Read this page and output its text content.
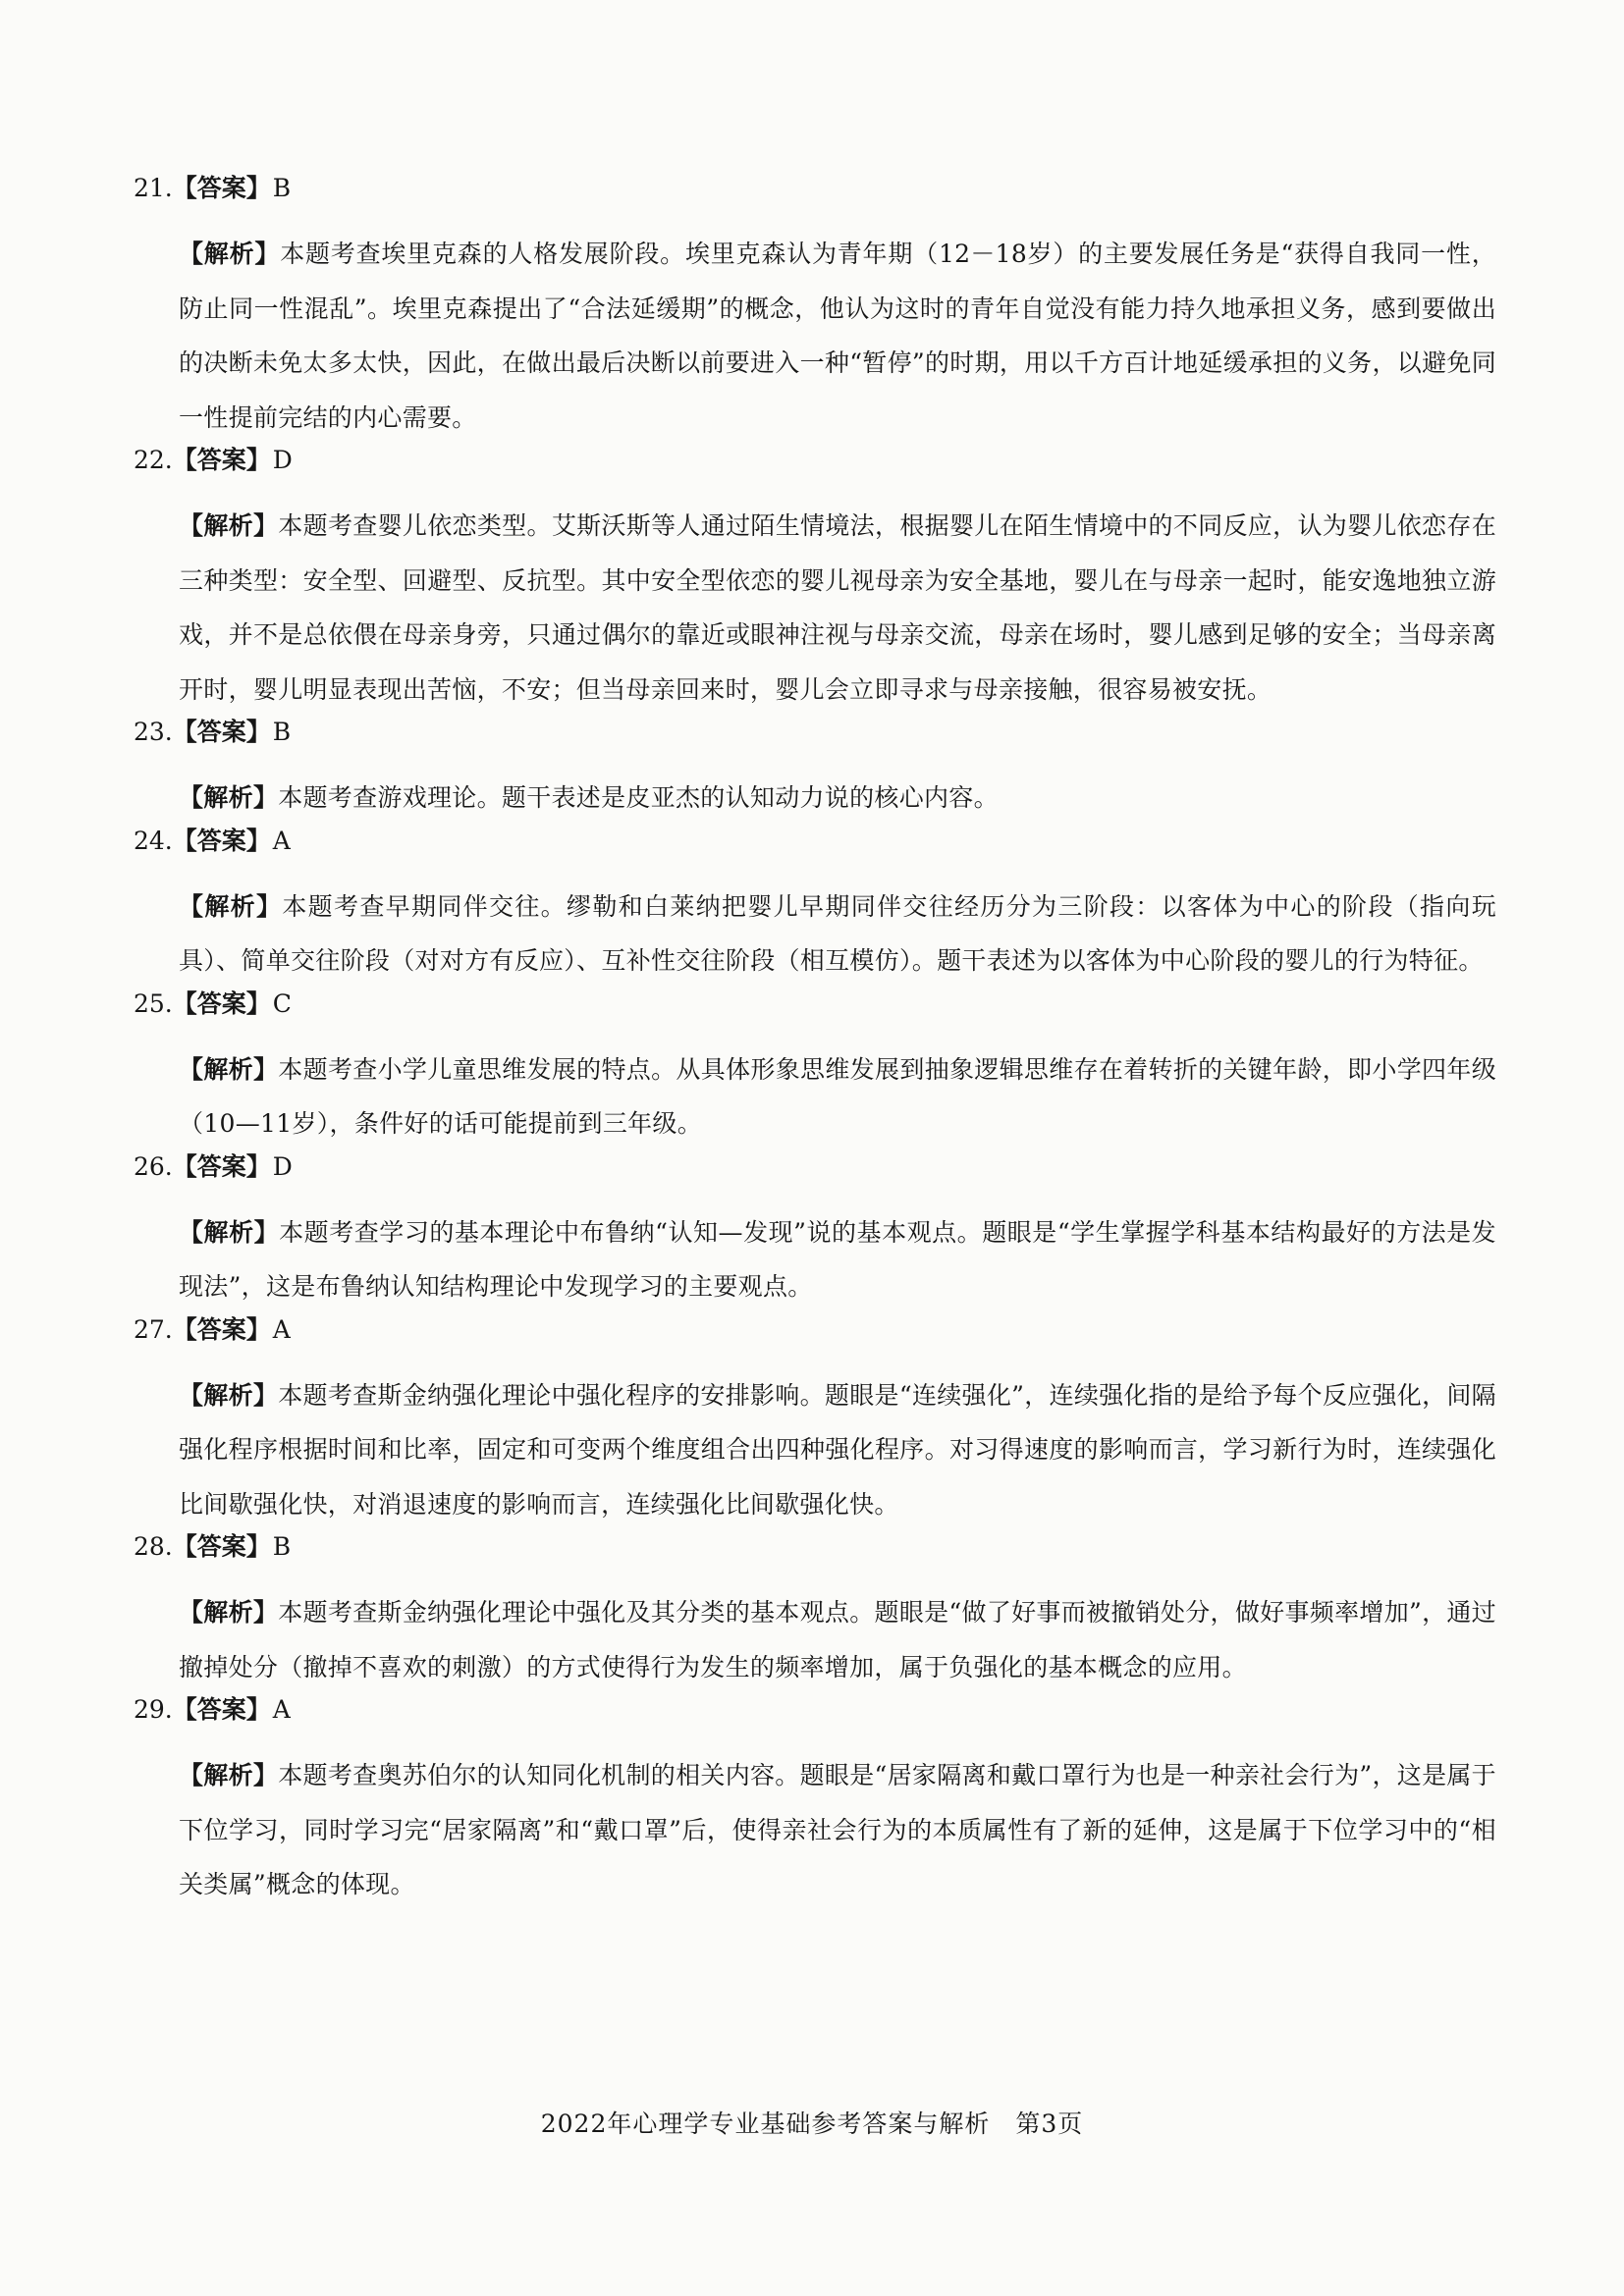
21.【答案】B
【解析】本题考查埃里克森的人格发展阶段。埃里克森认为青年期（12－18岁）的主要发展任务是“获得自我同一性，防止同一性混乱”。埃里克森提出了“合法延缓期”的概念，他认为这时的青年自觉没有能力持久地承担义务，感到要做出的决断未免太多太快，因此，在做出最后决断以前要进入一种“暂停”的时期，用以千方百计地延缓承担的义务，以避免同一性提前完结的内心需要。
22.【答案】D
【解析】本题考查婴儿依恋类型。艾斯沃斯等人通过陌生情境法，根据婴儿在陌生情境中的不同反应，认为婴儿依恋存在三种类型：安全型、回避型、反抗型。其中安全型依恋的婴儿视母亲为安全基地，婴儿在与母亲一起时，能安逸地独立游戏，并不是总依偎在母亲身旁，只通过偶尔的靠近或眼神注视与母亲交流，母亲在场时，婴儿感到足够的安全；当母亲离开时，婴儿明显表现出苦恼，不安；但当母亲回来时，婴儿会立即寻求与母亲接触，很容易被安抚。
23.【答案】B
【解析】本题考查游戏理论。题干表述是皮亚杰的认知动力说的核心内容。
24.【答案】A
【解析】本题考查早期同伴交往。缪勒和白莱纳把婴儿早期同伴交往经历分为三阶段：以客体为中心的阶段（指向玩具）、简单交往阶段（对对方有反应）、互补性交往阶段（相互模仿）。题干表述为以客体为中心阶段的婴儿的行为特征。
25.【答案】C
【解析】本题考查小学儿童思维发展的特点。从具体形象思维发展到抽象逻辑思维存在着转折的关键年龄，即小学四年级（10—11岁），条件好的话可能提前到三年级。
26.【答案】D
【解析】本题考查学习的基本理论中布鲁纳“认知—发现”说的基本观点。题眼是“学生掌握学科基本结构最好的方法是发现法”，这是布鲁纳认知结构理论中发现学习的主要观点。
27.【答案】A
【解析】本题考查斯金纳强化理论中强化程序的安排影响。题眼是“连续强化”，连续强化指的是给予每个反应强化，间隔强化程序根据时间和比率，固定和可变两个维度组合出四种强化程序。对习得速度的影响而言，学习新行为时，连续强化比间歇强化快，对消退速度的影响而言，连续强化比间歇强化快。
28.【答案】B
【解析】本题考查斯金纳强化理论中强化及其分类的基本观点。题眼是“做了好事而被撤销处分，做好事频率增加”，通过撤掉处分（撤掉不喜欢的刺激）的方式使得行为发生的频率增加，属于负强化的基本概念的应用。
29.【答案】A
【解析】本题考查奥苏伯尔的认知同化机制的相关内容。题眼是“居家隔离和戴口罩行为也是一种亲社会行为”，这是属于下位学习，同时学习完“居家隔离”和“戴口罩”后，使得亲社会行为的本质属性有了新的延伸，这是属于下位学习中的“相关类属”概念的体现。
2022年心理学专业基础参考答案与解析　第3页
